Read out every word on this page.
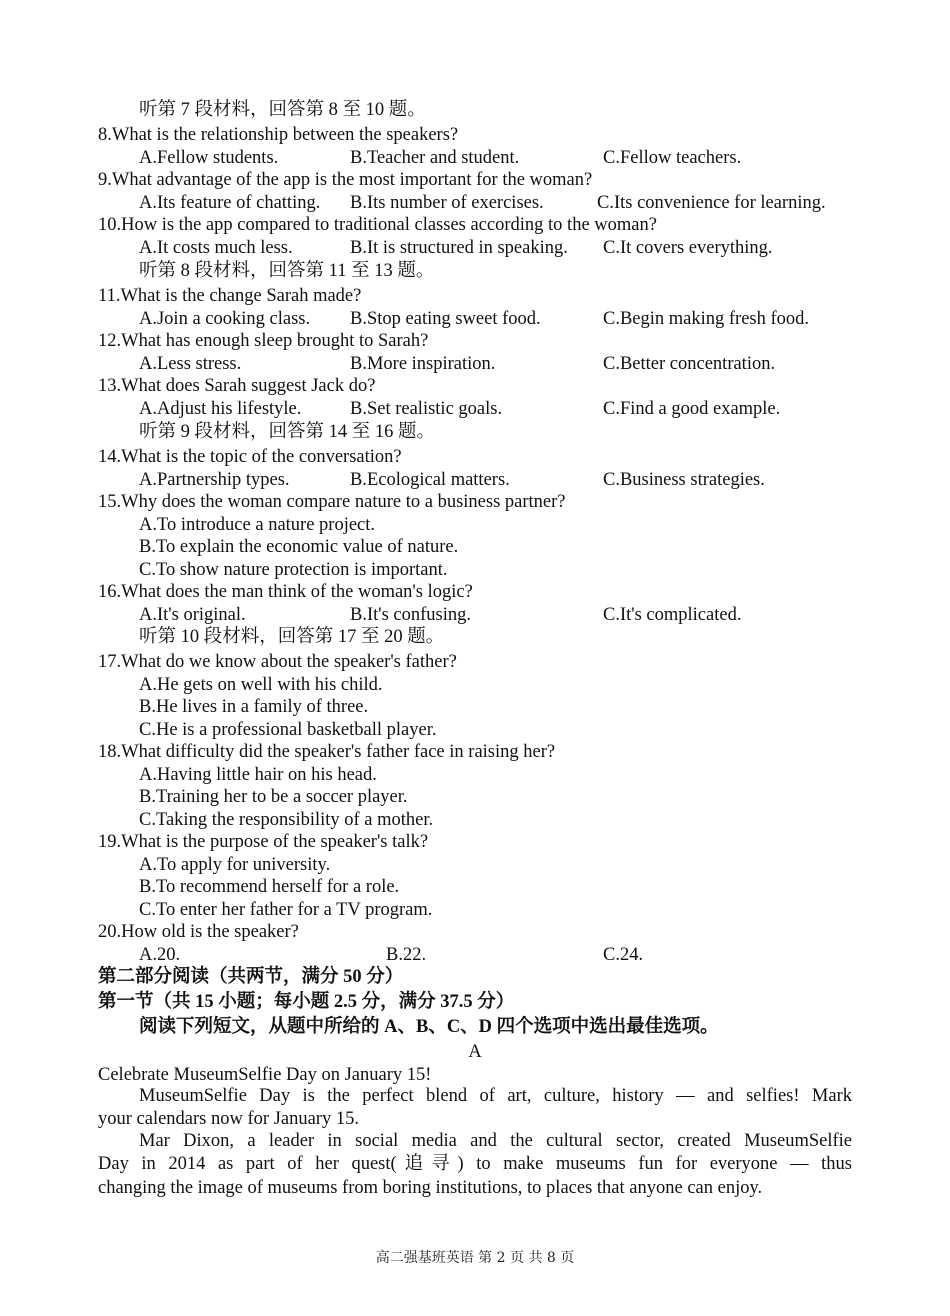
听第 7 段材料，回答第 8 至 10 题。
8.What is the relationship between the speakers?
A.Fellow students.	B.Teacher and student.	C.Fellow teachers.
9.What advantage of the app is the most important for the woman?
A.Its feature of chatting. B.Its number of exercises.	C.Its convenience for learning.
10.How is the app compared to traditional classes according to the woman?
A.It costs much less.	B.It is structured in speaking. C.It covers everything.
听第 8 段材料，回答第 11 至 13 题。
11.What is the change Sarah made?
A.Join a cooking class. B.Stop eating sweet food.	C.Begin making fresh food.
12.What has enough sleep brought to Sarah?
A.Less stress.	B.More inspiration.	C.Better concentration.
13.What does Sarah suggest Jack do?
A.Adjust his lifestyle.	B.Set realistic goals.	C.Find a good example.
听第 9 段材料，回答第 14 至 16 题。
14.What is the topic of the conversation?
A.Partnership types.	B.Ecological matters.	C.Business strategies.
15.Why does the woman compare nature to a business partner?
A.To introduce a nature project.
B.To explain the economic value of nature.
C.To show nature protection is important.
16.What does the man think of the woman's logic?
A.It's original.	B.It's confusing.	C.It's complicated.
听第 10 段材料，回答第 17 至 20 题。
17.What do we know about the speaker's father?
A.He gets on well with his child.
B.He lives in a family of three.
C.He is a professional basketball player.
18.What difficulty did the speaker's father face in raising her?
A.Having little hair on his head.
B.Training her to be a soccer player.
C.Taking the responsibility of a mother.
19.What is the purpose of the speaker's talk?
A.To apply for university.
B.To recommend herself for a role.
C.To enter her father for a TV program.
20.How old is the speaker?
A.20.	B.22.	C.24.
第二部分阅读（共两节，满分 50 分）
第一节（共 15 小题；每小题 2.5 分，满分 37.5 分）
阅读下列短文，从题中所给的 A、B、C、D 四个选项中选出最佳选项。
A
Celebrate MuseumSelfie Day on January 15!
MuseumSelfie Day is the perfect blend of art, culture, history — and selfies! Mark
your calendars now for January 15.
Mar Dixon, a leader in social media and the cultural sector, created MuseumSelfie
Day in 2014 as part of her quest(追寻) to make museums fun for everyone — thus
changing the image of museums from boring institutions, to places that anyone can enjoy.
高二强基班英语 第 2 页 共 8 页
